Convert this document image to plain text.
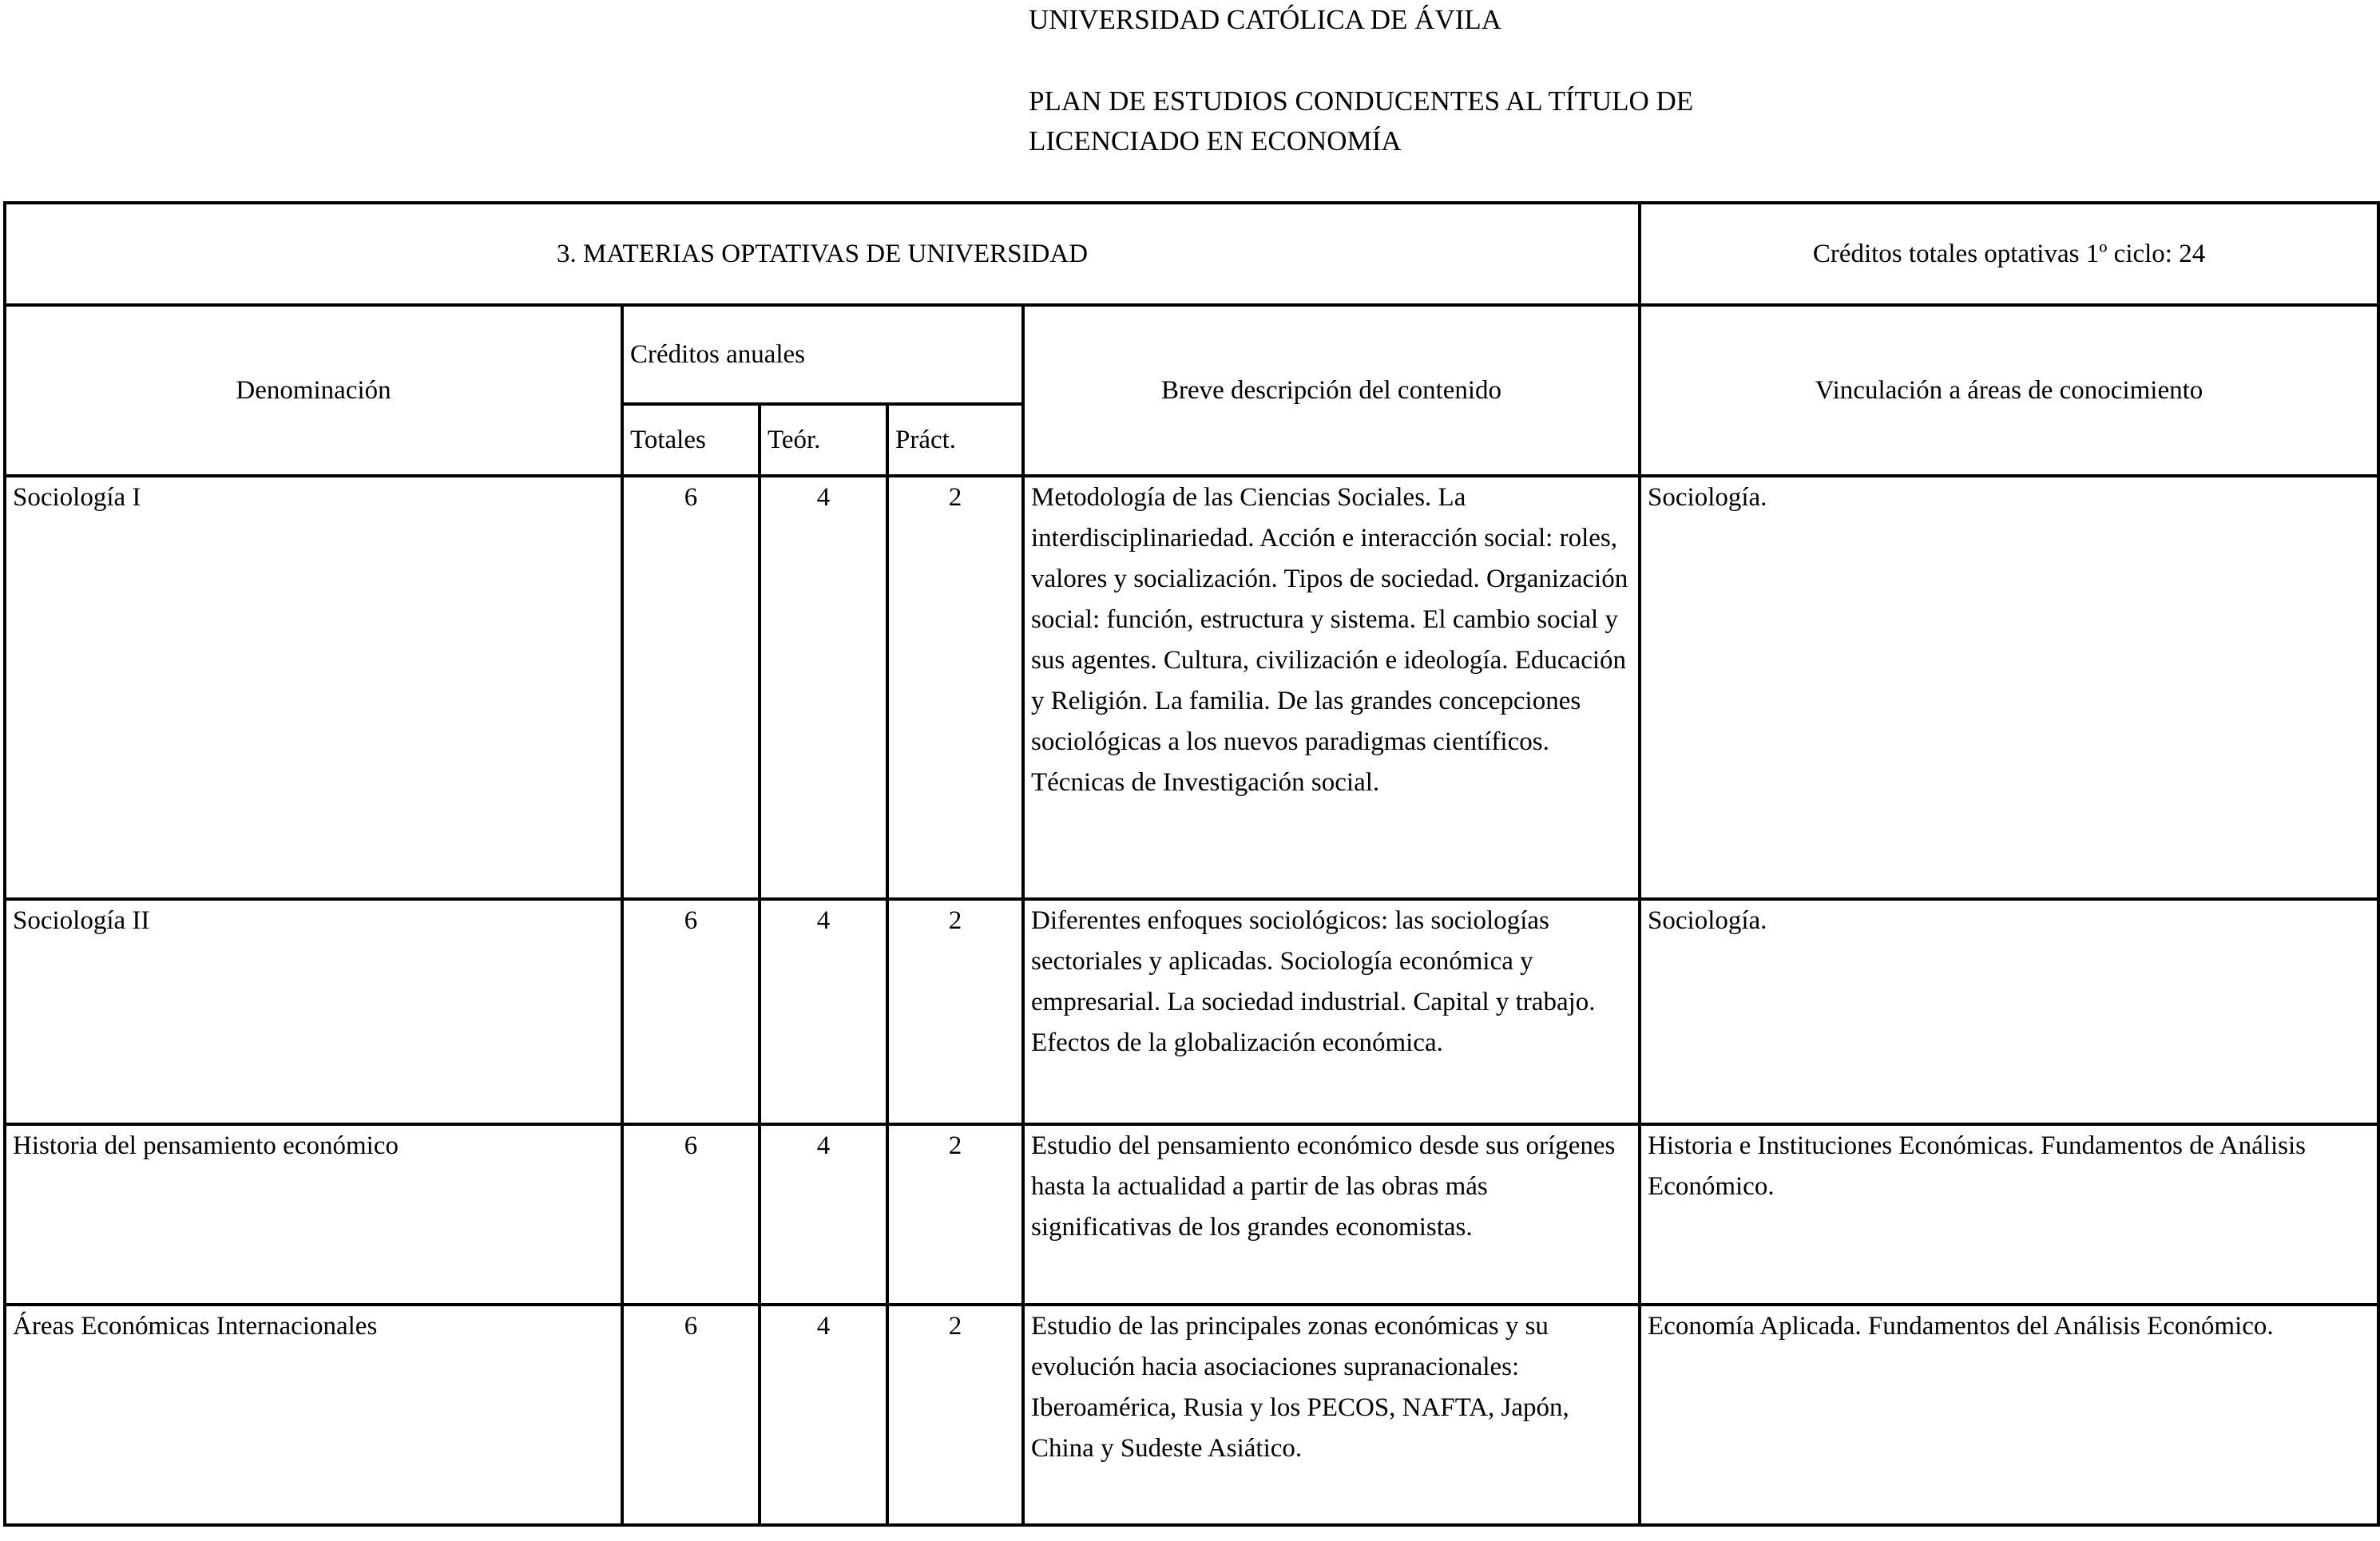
UNIVERSIDAD CATÓLICA DE ÁVILA
PLAN DE ESTUDIOS CONDUCENTES AL TÍTULO DE
LICENCIADO EN ECONOMÍA
3. MATERIAS OPTATIVAS DE UNIVERSIDAD					Créditos totales optativas 1º ciclo: 24
Denominación	Créditos anuales			Breve descripción del contenido	Vinculación a áreas de conocimiento
	Totales	Teór.	Práct.		
Sociología I	6	4	2	Metodología de las Ciencias Sociales. La interdisciplinariedad. Acción e interacción social: roles, valores y socialización. Tipos de sociedad. Organización social: función, estructura y sistema. El cambio social y sus agentes. Cultura, civilización e ideología. Educación y Religión. La familia. De las grandes concepciones sociológicas a los nuevos paradigmas científicos. Técnicas de Investigación social.	Sociología.
Sociología II	6	4	2	Diferentes enfoques sociológicos: las sociologías sectoriales y aplicadas. Sociología económica y empresarial. La sociedad industrial. Capital y trabajo. Efectos de la globalización económica.	Sociología.
Historia del pensamiento económico	6	4	2	Estudio del pensamiento económico desde sus orígenes hasta la actualidad a partir de las obras más significativas de los grandes economistas.	Historia e Instituciones Económicas. Fundamentos de Análisis Económico.
Áreas Económicas Internacionales	6	4	2	Estudio de las principales zonas económicas y su evolución hacia asociaciones supranacionales: Iberoamérica, Rusia y los PECOS, NAFTA, Japón, China y Sudeste Asiático.	Economía Aplicada. Fundamentos del Análisis Económico.
